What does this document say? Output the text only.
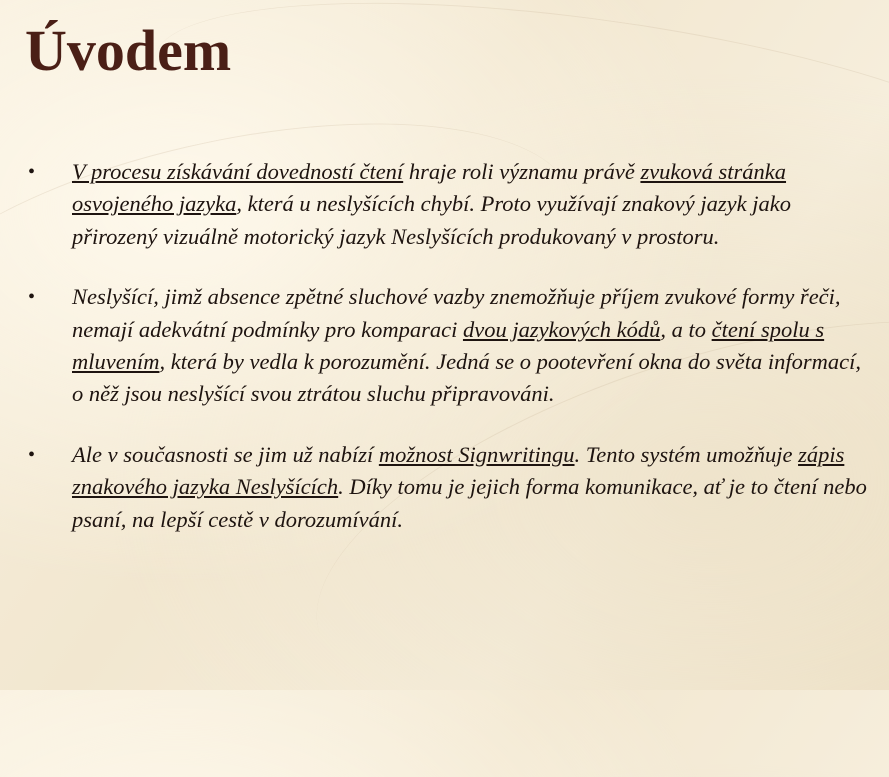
Úvodem
• V procesu získávání dovedností čtení hraje roli významu právě zvuková stránka osvojeného jazyka, která u neslyšících chybí. Proto využívají znakový jazyk jako přirozený vizuálně motorický jazyk Neslyšících produkovaný v prostoru.
• Neslyšící, jimž absence zpětné sluchové vazby znemožňuje příjem zvukové formy řeči, nemají adekvátní podmínky pro komparaci dvou jazykových kódů, a to čtení spolu s mluvením, která by vedla k porozumění. Jedná se o pootevření okna do světa informací, o něž jsou neslyšící svou ztrátou sluchu připravováni.
• Ale v současnosti se jim už nabízí možnost Signwritingu. Tento systém umožňuje zápis znakového jazyka Neslyšících. Díky tomu je jejich forma komunikace, ať je to čtení nebo psaní, na lepší cestě v dorozumívání.
